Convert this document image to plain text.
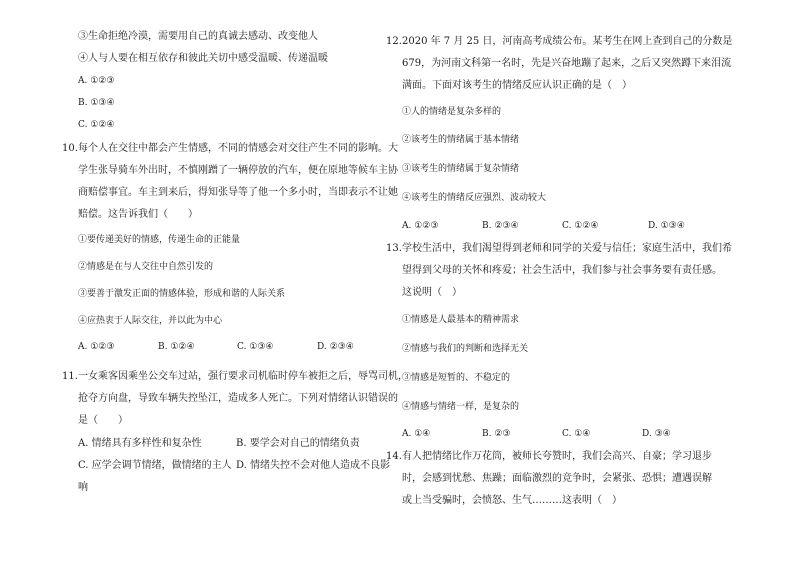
③生命拒绝冷漠，需要用自己的真诚去感动、改变他人
④人与人要在相互依存和彼此关切中感受温暖、传递温暖
A. ①②③
B. ①③④
C. ①②④
10. 每个人在交往中都会产生情感，不同的情感会对交往产生不同的影响。大
学生张导骑车外出时，不慎刚蹭了一辆停放的汽车，便在原地等候车主协
商赔偿事宜。车主到来后，得知张导等了他一个多小时，当即表示不让她
赔偿。这告诉我们（　　）
①要传递美好的情感，传递生命的正能量
②情感是在与人交往中自然引发的
③要善于激发正面的情感体验，形成和谐的人际关系
④应热衷于人际交往，并以此为中心
A. ①②③	B. ①②④	C. ①③④	D. ②③④
11. 一女乘客因乘坐公交车过站，强行要求司机临时停车被拒之后，辱骂司机，
抢夺方向盘，导致车辆失控坠江，造成多人死亡。下列对情绪认识错误的
是（　　）
A. 情绪具有多样性和复杂性	B. 要学会对自己的情绪负责
C. 应学会调节情绪，做情绪的主人 D. 情绪失控不会对他人造成不良影
响
12. 2020 年 7 月 25 日，河南高考成绩公布。某考生在网上查到自己的分数是
679，为河南文科第一名时，先是兴奋地蹦了起来，之后又突然蹲下来泪流
满面。下面对该考生的情绪反应认识正确的是（　）
①人的情绪是复杂多样的
②该考生的情绪属于基本情绪
③该考生的情绪属于复杂情绪
④该考生的情绪反应强烈、波动较大
A. ①②③	B. ②③④	C. ①②④	D. ①③④
13. 学校生活中，我们渴望得到老师和同学的关爱与信任；家庭生活中，我们希
望得到父母的关怀和疼爱；社会生活中，我们参与社会事务要有责任感。
这说明（　）
①情感是人最基本的精神需求
②情感与我们的判断和选择无关
③情感是短暂的、不稳定的
④情感与情绪一样，是复杂的
A. ①④	B. ②③	C. ①④	D. ③④
14. 有人把情绪比作万花筒，被师长夸赞时，我们会高兴、自豪；学习退步
时，会感到忧愁、焦躁；面临激烈的竞争时，会紧张、恐惧；遭遇误解
或上当受骗时，会愤怒、生气………这表明（　）
